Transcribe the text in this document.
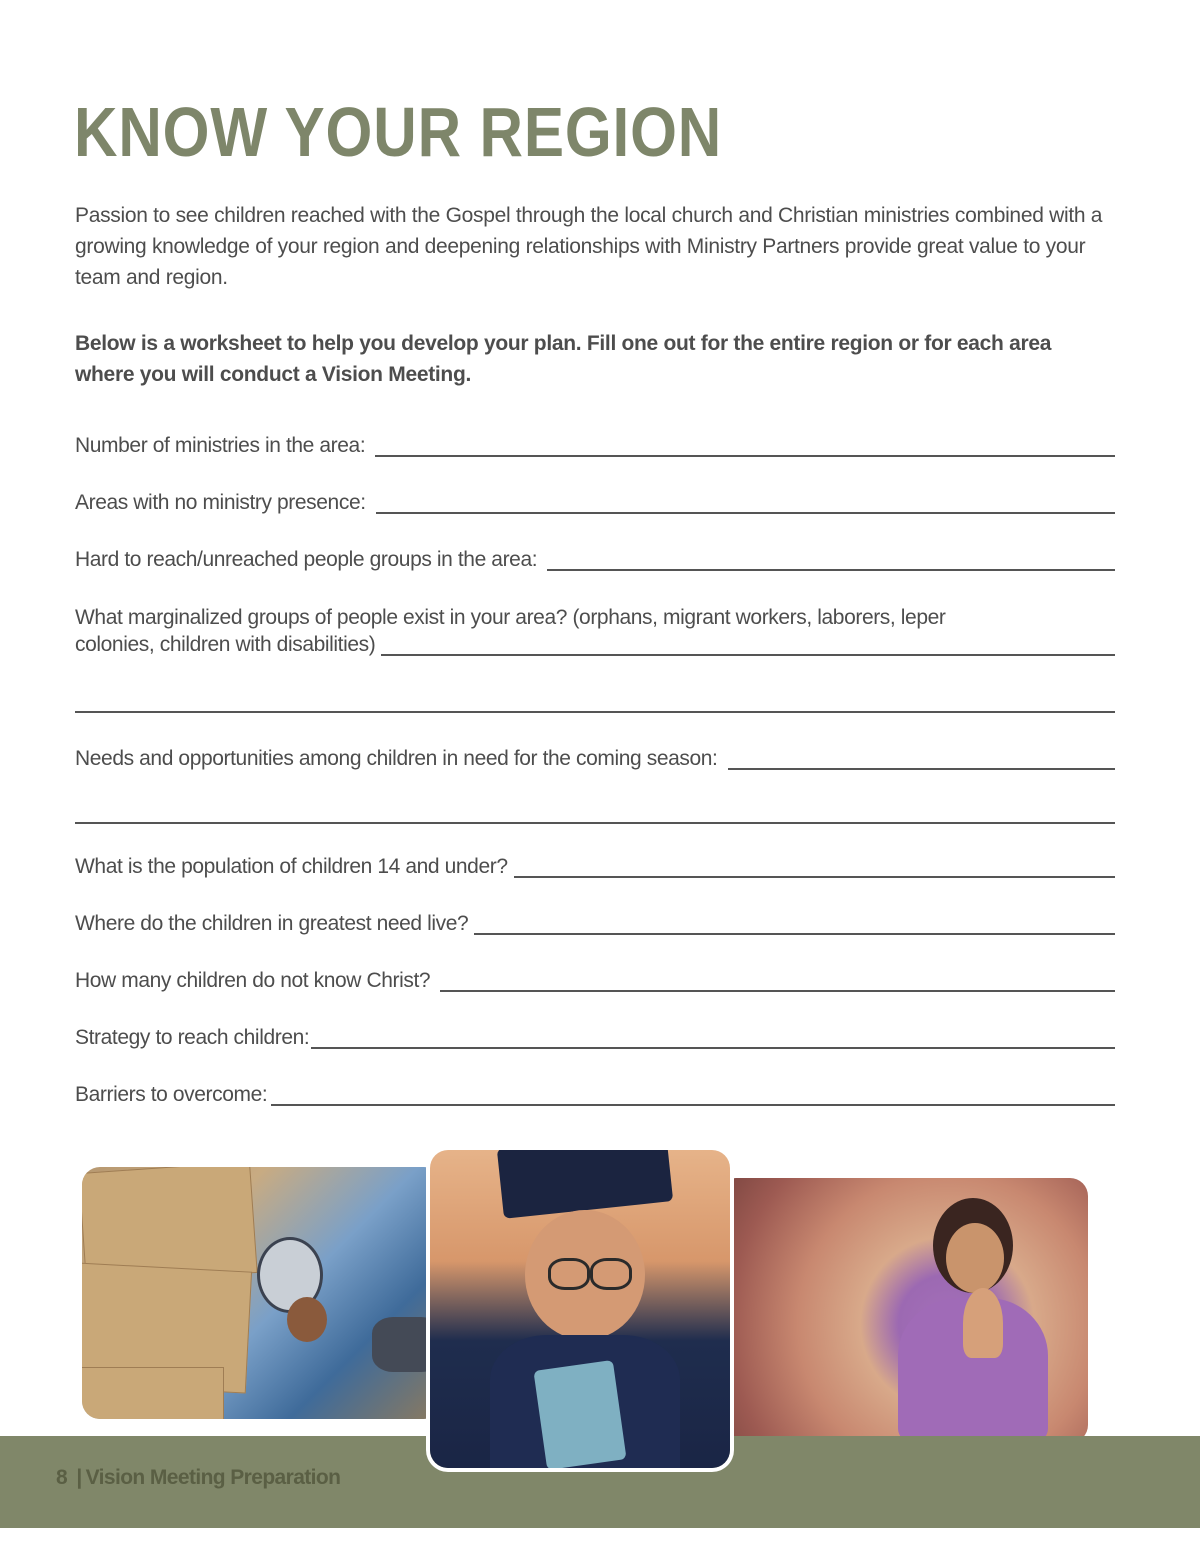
KNOW YOUR REGION

Passion to see children reached with the Gospel through the local church and Christian ministries combined with a growing knowledge of your region and deepening relationships with Ministry Partners provide great value to your team and region.

Below is a worksheet to help you develop your plan. Fill one out for the entire region or for each area where you will conduct a Vision Meeting.

Number of ministries in the area:
Areas with no ministry presence:
Hard to reach/unreached people groups in the area:
What marginalized groups of people exist in your area? (orphans, migrant workers, laborers, leper
colonies, children with disabilities)
Needs and opportunities among children in need for the coming season:
What is the population of children 14 and under?
Where do the children in greatest need live?
How many children do not know Christ?
Strategy to reach children:
Barriers to overcome:
8 | Vision Meeting Preparation
